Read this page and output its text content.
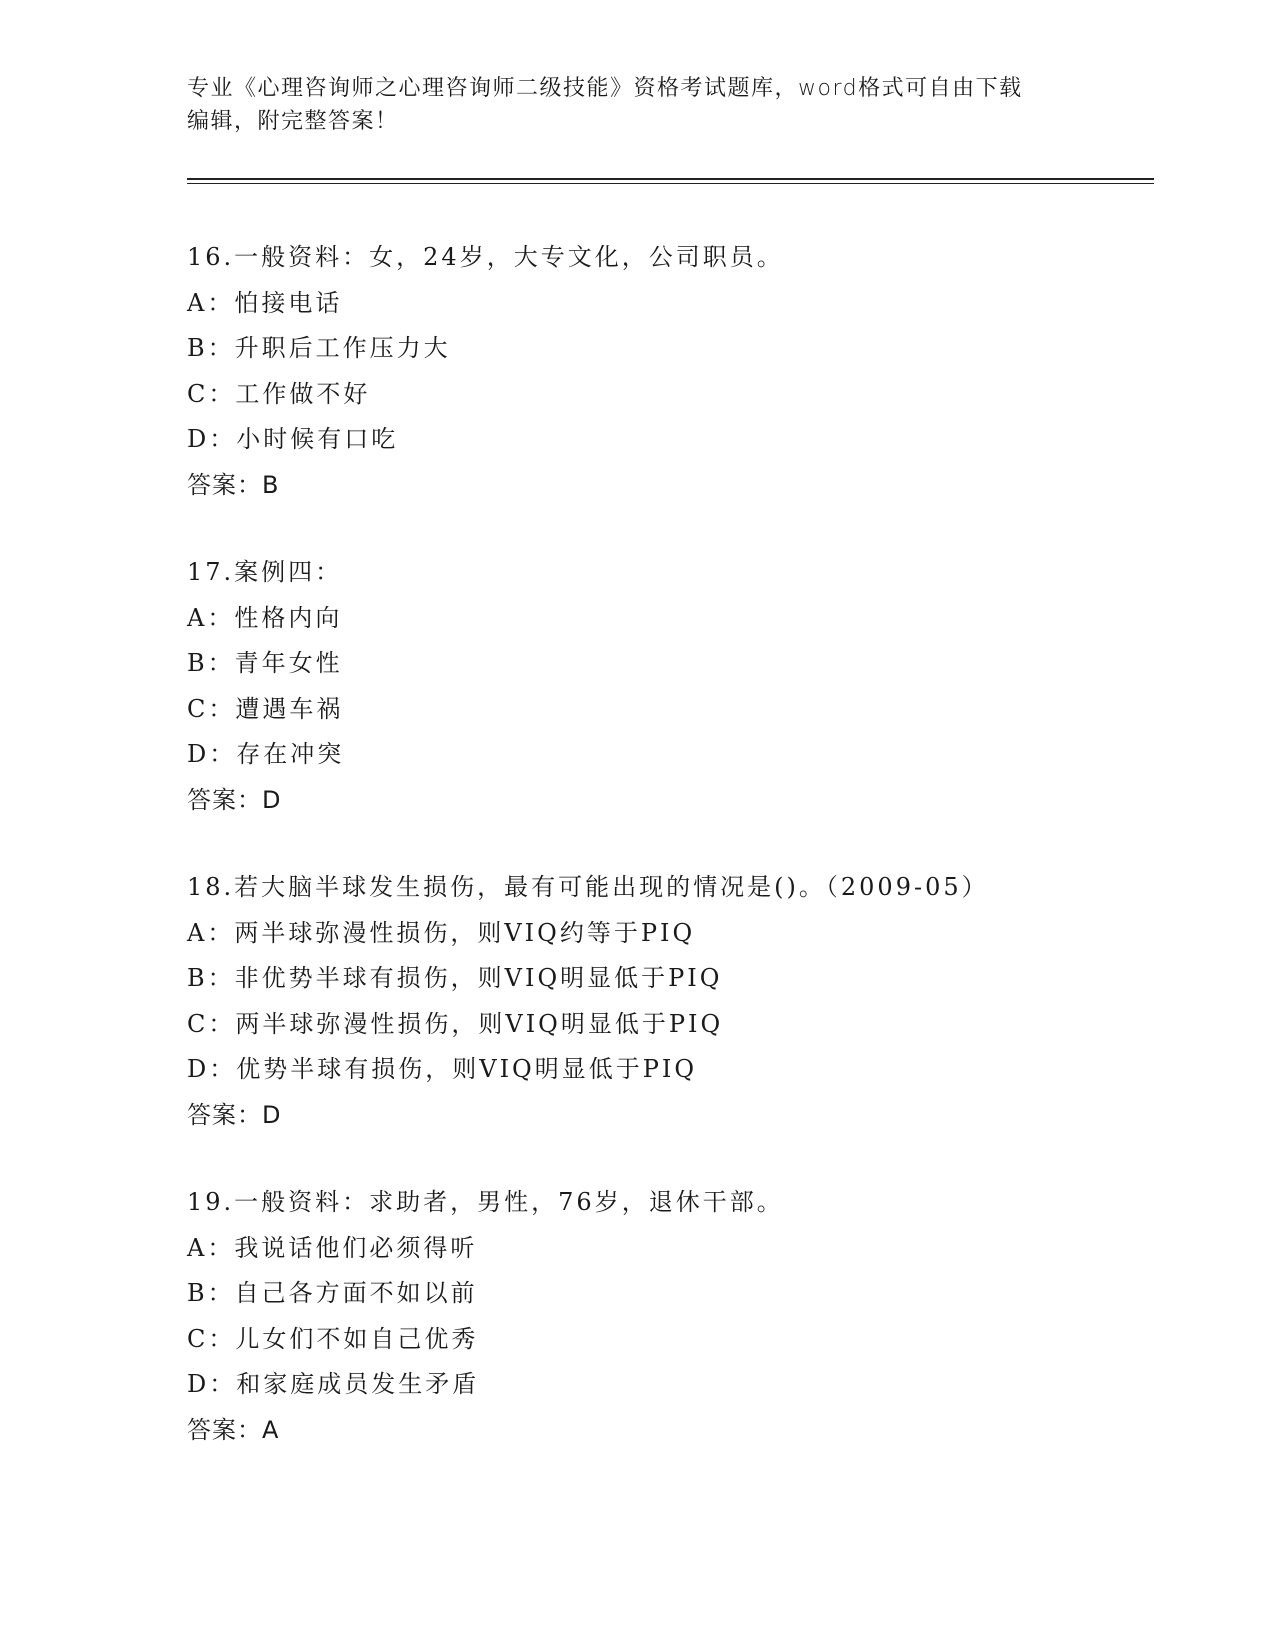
专业《心理咨询师之心理咨询师二级技能》资格考试题库，word格式可自由下载
编辑，附完整答案！
16.一般资料：女，24岁，大专文化，公司职员。
A：怕接电话
B：升职后工作压力大
C：工作做不好
D：小时候有口吃
答案：B
17.案例四：
A：性格内向
B：青年女性
C：遭遇车祸
D：存在冲突
答案：D
18.若大脑半球发生损伤，最有可能出现的情况是()。（2009-05）
A：两半球弥漫性损伤，则VIQ约等于PIQ
B：非优势半球有损伤，则VIQ明显低于PIQ
C：两半球弥漫性损伤，则VIQ明显低于PIQ
D：优势半球有损伤，则VIQ明显低于PIQ
答案：D
19.一般资料：求助者，男性，76岁，退休干部。
A：我说话他们必须得听
B：自己各方面不如以前
C：儿女们不如自己优秀
D：和家庭成员发生矛盾
答案：A
